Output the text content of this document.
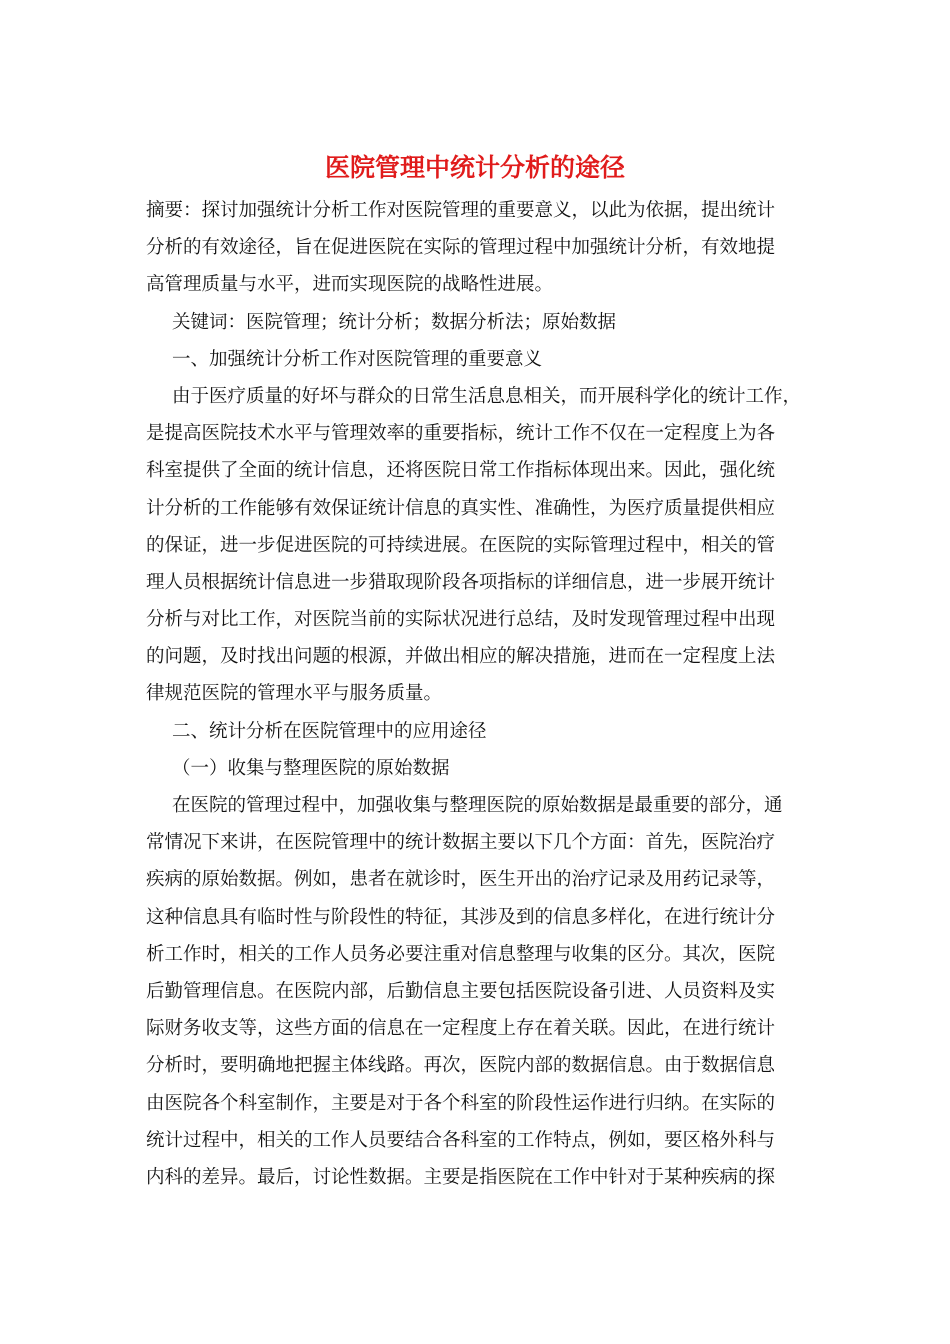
医院管理中统计分析的途径
摘要：探讨加强统计分析工作对医院管理的重要意义，以此为依据，提出统计
分析的有效途径，旨在促进医院在实际的管理过程中加强统计分析，有效地提
高管理质量与水平，进而实现医院的战略性进展。
关键词：医院管理；统计分析；数据分析法；原始数据
一、加强统计分析工作对医院管理的重要意义
由于医疗质量的好坏与群众的日常生活息息相关，而开展科学化的统计工作，
是提高医院技术水平与管理效率的重要指标，统计工作不仅在一定程度上为各
科室提供了全面的统计信息，还将医院日常工作指标体现出来。因此，强化统
计分析的工作能够有效保证统计信息的真实性、准确性，为医疗质量提供相应
的保证，进一步促进医院的可持续进展。在医院的实际管理过程中，相关的管
理人员根据统计信息进一步猎取现阶段各项指标的详细信息，进一步展开统计
分析与对比工作，对医院当前的实际状况进行总结，及时发现管理过程中出现
的问题，及时找出问题的根源，并做出相应的解决措施，进而在一定程度上法
律规范医院的管理水平与服务质量。
二、统计分析在医院管理中的应用途径
（一）收集与整理医院的原始数据
在医院的管理过程中，加强收集与整理医院的原始数据是最重要的部分，通
常情况下来讲，在医院管理中的统计数据主要以下几个方面：首先，医院治疗
疾病的原始数据。例如，患者在就诊时，医生开出的治疗记录及用药记录等，
这种信息具有临时性与阶段性的特征，其涉及到的信息多样化，在进行统计分
析工作时，相关的工作人员务必要注重对信息整理与收集的区分。其次，医院
后勤管理信息。在医院内部，后勤信息主要包括医院设备引进、人员资料及实
际财务收支等，这些方面的信息在一定程度上存在着关联。因此，在进行统计
分析时，要明确地把握主体线路。再次，医院内部的数据信息。由于数据信息
由医院各个科室制作，主要是对于各个科室的阶段性运作进行归纳。在实际的
统计过程中，相关的工作人员要结合各科室的工作特点，例如，要区格外科与
内科的差异。最后，讨论性数据。主要是指医院在工作中针对于某种疾病的探
